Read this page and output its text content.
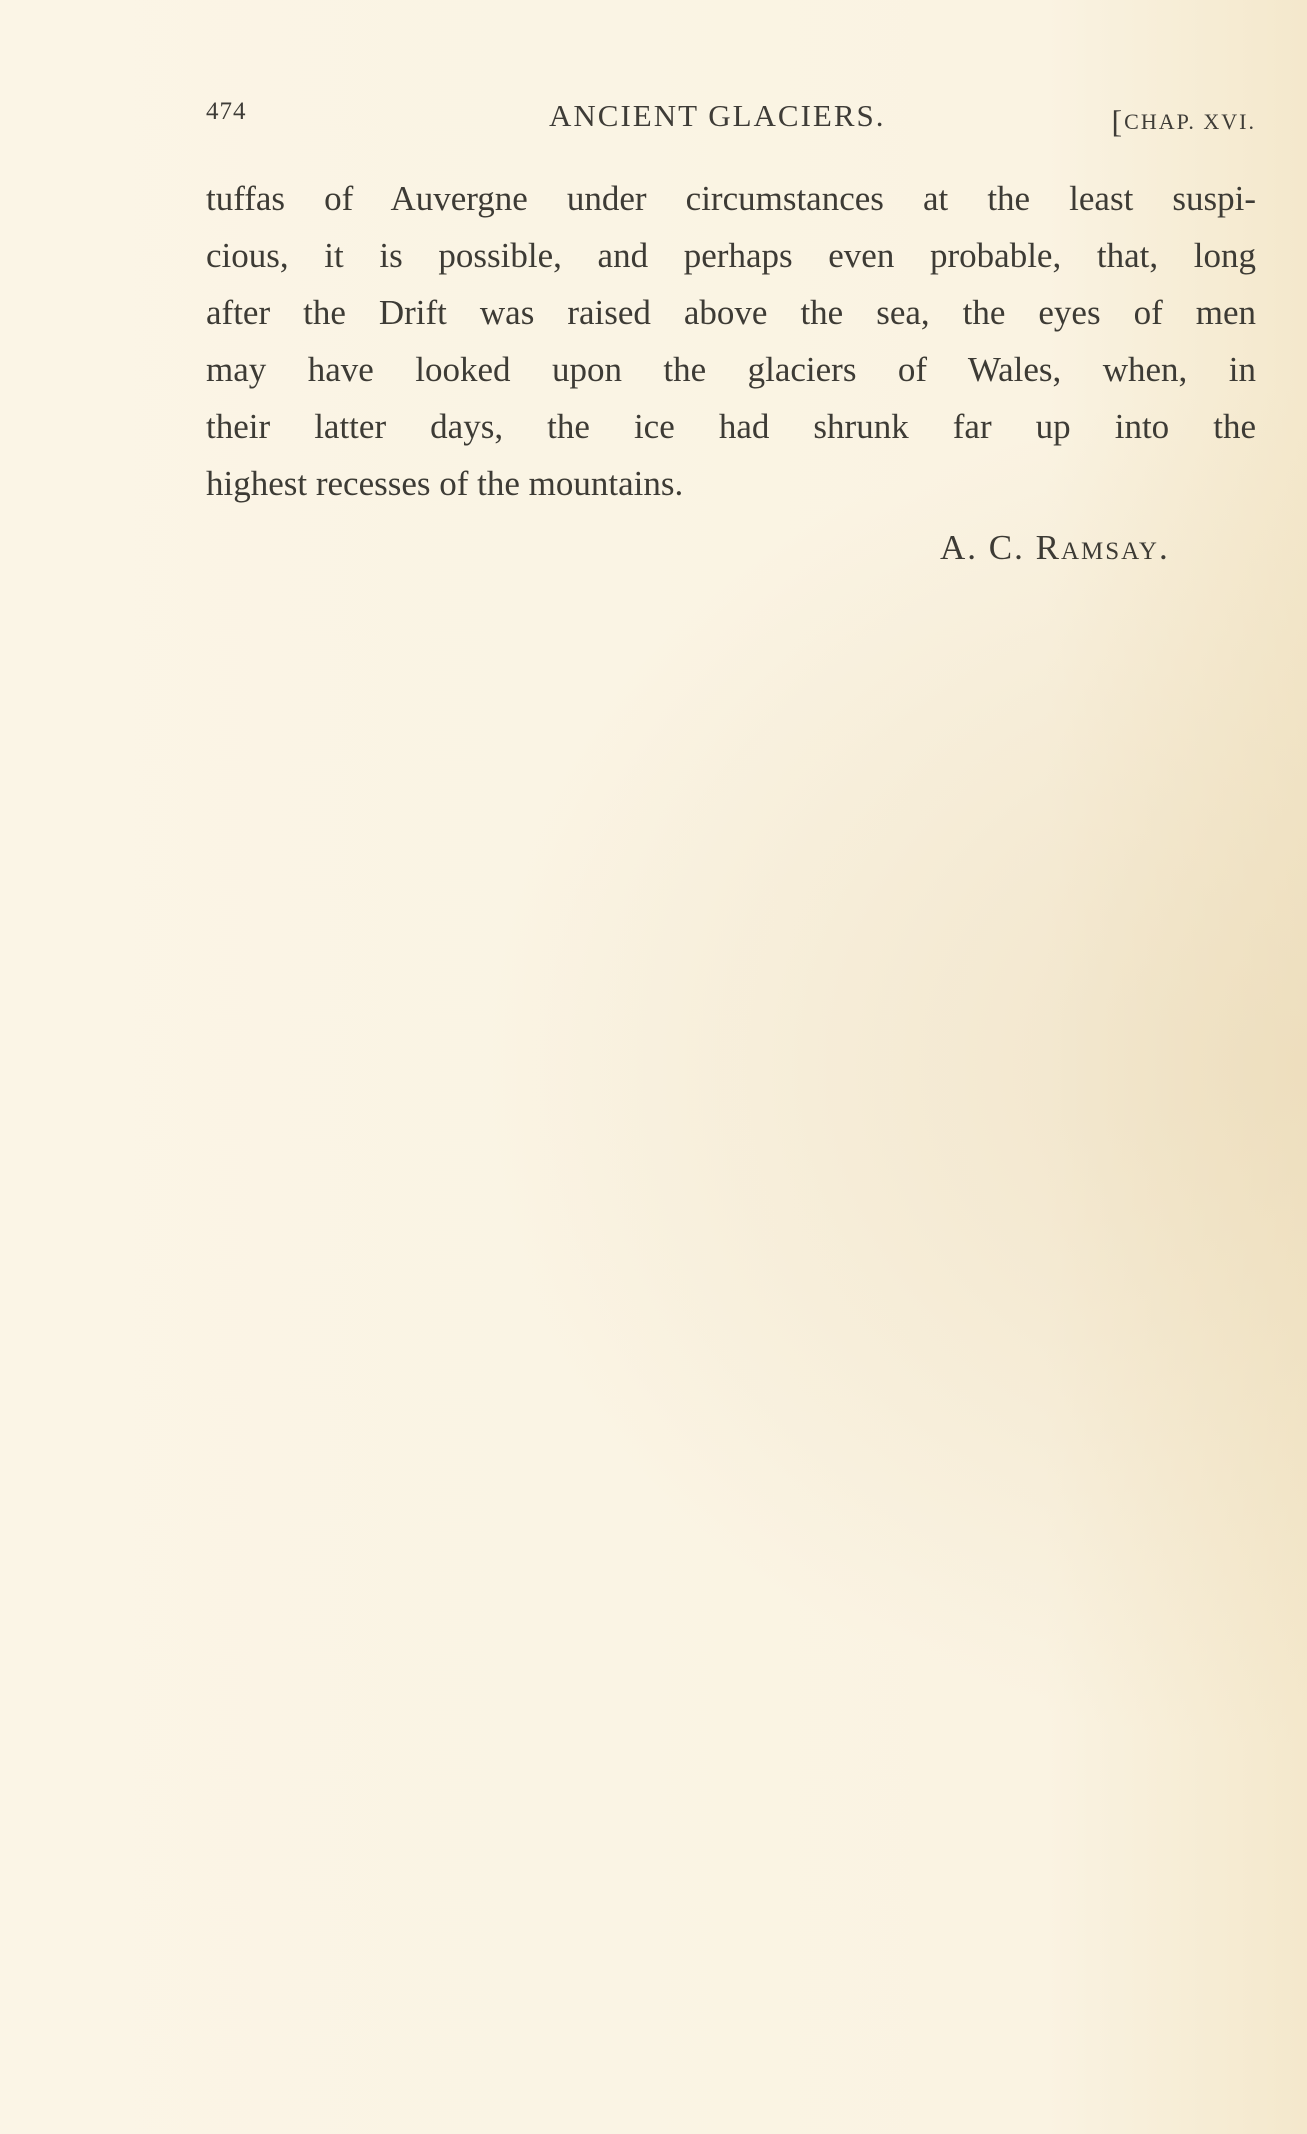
474	ANCIENT GLACIERS.	[CHAP. XVI.
tuffas of Auvergne under circumstances at the least suspi-
cious, it is possible, and perhaps even probable, that, long
after the Drift was raised above the sea, the eyes of men
may have looked upon the glaciers of Wales, when, in
their latter days, the ice had shrunk far up into the
highest recesses of the mountains.
A. C. Ramsay.
